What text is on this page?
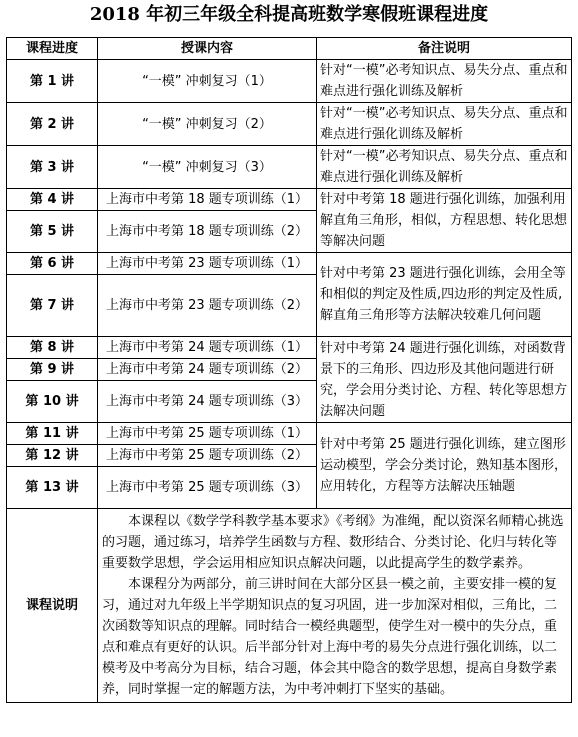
2018 年初三年级全科提高班数学寒假班课程进度
课程进度	授课内容	备注说明
第 1 讲	“一模” 冲刺复习（1）	针对“一模”必考知识点、易失分点、重点和难点进行强化训练及解析
第 2 讲	“一模” 冲刺复习（2）	针对“一模”必考知识点、易失分点、重点和难点进行强化训练及解析
第 3 讲	“一模” 冲刺复习（3）	针对“一模”必考知识点、易失分点、重点和难点进行强化训练及解析
第 4 讲	上海市中考第 18 题专项训练（1）	针对中考第 18 题进行强化训练，加强利用解直角三角形，相似，方程思想、转化思想等解决问题
第 5 讲	上海市中考第 18 题专项训练（2）	
第 6 讲	上海市中考第 23 题专项训练（1）	针对中考第 23 题进行强化训练，会用全等和相似的判定及性质,四边形的判定及性质,解直角三角形等方法解决较难几何问题
第 7 讲	上海市中考第 23 题专项训练（2）	
第 8 讲	上海市中考第 24 题专项训练（1）	针对中考第 24 题进行强化训练，对函数背景下的三角形、四边形及其他问题进行研究，学会用分类讨论、方程、转化等思想方法解决问题
第 9 讲	上海市中考第 24 题专项训练（2）	
第 10 讲	上海市中考第 24 题专项训练（3）	
第 11 讲	上海市中考第 25 题专项训练（1）	针对中考第 25 题进行强化训练，建立图形运动模型，学会分类讨论，熟知基本图形，应用转化，方程等方法解决压轴题
第 12 讲	上海市中考第 25 题专项训练（2）	
第 13 讲	上海市中考第 25 题专项训练（3）	
课程说明	本课程以《数学学科教学基本要求》《考纲》为准绳，配以资深名师精心挑选的习题，通过练习，培养学生函数与方程、数形结合、分类讨论、化归与转化等重要数学思想，学会运用相应知识点解决问题，以此提高学生的数学素养。

本课程分为两部分，前三讲时间在大部分区县一模之前，主要安排一模的复习，通过对九年级上半学期知识点的复习巩固，进一步加深对相似，三角比，二次函数等知识点的理解。同时结合一模经典题型，使学生对一模中的失分点，重点和难点有更好的认识。后半部分针对上海中考的易失分点进行强化训练，以二模考及中考高分为目标，结合习题，体会其中隐含的数学思想，提高自身数学素养，同时掌握一定的解题方法，为中考冲刺打下坚实的基础。	
